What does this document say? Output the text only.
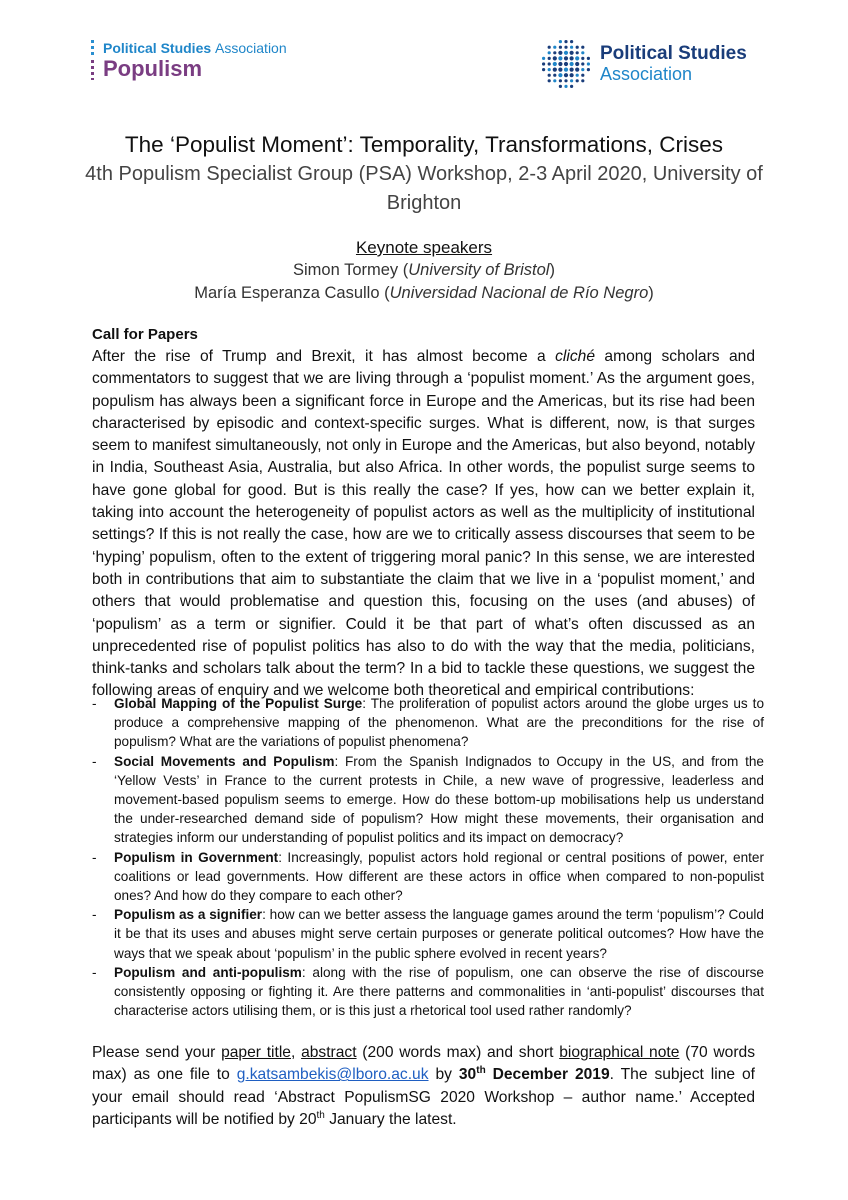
Political Studies Association
Populism
Political Studies
Association
The ‘Populist Moment’: Temporality, Transformations, Crises
4th Populism Specialist Group (PSA) Workshop, 2-3 April 2020, University of Brighton
Keynote speakers
Simon Tormey (University of Bristol)
María Esperanza Casullo (Universidad Nacional de Río Negro)
Call for Papers
After the rise of Trump and Brexit, it has almost become a cliché among scholars and commentators to suggest that we are living through a ‘populist moment.’ As the argument goes, populism has always been a significant force in Europe and the Americas, but its rise had been characterised by episodic and context-specific surges. What is different, now, is that surges seem to manifest simultaneously, not only in Europe and the Americas, but also beyond, notably in India, Southeast Asia, Australia, but also Africa. In other words, the populist surge seems to have gone global for good. But is this really the case? If yes, how can we better explain it, taking into account the heterogeneity of populist actors as well as the multiplicity of institutional settings? If this is not really the case, how are we to critically assess discourses that seem to be ‘hyping’ populism, often to the extent of triggering moral panic? In this sense, we are interested both in contributions that aim to substantiate the claim that we live in a ‘populist moment,’ and others that would problematise and question this, focusing on the uses (and abuses) of ‘populism’ as a term or signifier. Could it be that part of what’s often discussed as an unprecedented rise of populist politics has also to do with the way that the media, politicians, think-tanks and scholars talk about the term? In a bid to tackle these questions, we suggest the following areas of enquiry and we welcome both theoretical and empirical contributions:
- Global Mapping of the Populist Surge: The proliferation of populist actors around the globe urges us to produce a comprehensive mapping of the phenomenon. What are the preconditions for the rise of populism? What are the variations of populist phenomena?
- Social Movements and Populism: From the Spanish Indignados to Occupy in the US, and from the ‘Yellow Vests’ in France to the current protests in Chile, a new wave of progressive, leaderless and movement-based populism seems to emerge. How do these bottom-up mobilisations help us understand the under-researched demand side of populism? How might these movements, their organisation and strategies inform our understanding of populist politics and its impact on democracy?
- Populism in Government: Increasingly, populist actors hold regional or central positions of power, enter coalitions or lead governments. How different are these actors in office when compared to non-populist ones? And how do they compare to each other?
- Populism as a signifier: how can we better assess the language games around the term ‘populism’? Could it be that its uses and abuses might serve certain purposes or generate political outcomes? How have the ways that we speak about ‘populism’ in the public sphere evolved in recent years?
- Populism and anti-populism: along with the rise of populism, one can observe the rise of discourse consistently opposing or fighting it. Are there patterns and commonalities in ‘anti-populist’ discourses that characterise actors utilising them, or is this just a rhetorical tool used rather randomly?
Please send your paper title, abstract (200 words max) and short biographical note (70 words max) as one file to g.katsambekis@lboro.ac.uk by 30th December 2019. The subject line of your email should read ‘Abstract PopulismSG 2020 Workshop – author name.’ Accepted participants will be notified by 20th January the latest.
